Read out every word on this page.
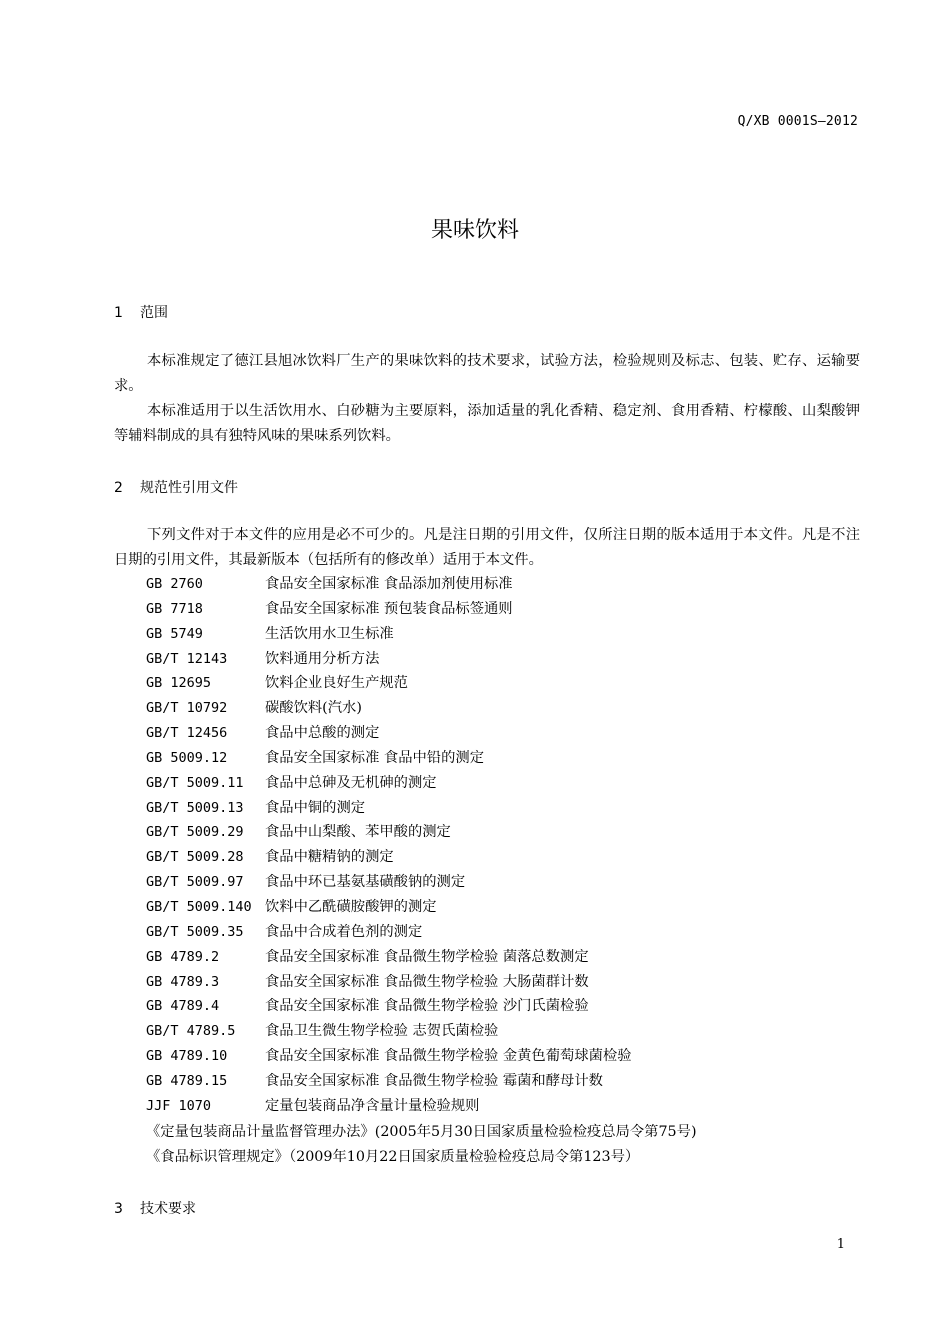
Q/XB 0001S—2012
果味饮料
1 范围

本标准规定了德江县旭冰饮料厂生产的果味饮料的技术要求，试验方法，检验规则及标志、包装、贮存、运输要求。

本标准适用于以生活饮用水、白砂糖为主要原料，添加适量的乳化香精、稳定剂、食用香精、柠檬酸、山梨酸钾等辅料制成的具有独特风味的果味系列饮料。

2 规范性引用文件

下列文件对于本文件的应用是必不可少的。凡是注日期的引用文件，仅所注日期的版本适用于本文件。凡是不注日期的引用文件，其最新版本（包括所有的修改单）适用于本文件。

GB 2760	食品安全国家标准 食品添加剂使用标准
GB 7718	食品安全国家标准 预包装食品标签通则
GB 5749	生活饮用水卫生标准
GB/T 12143	饮料通用分析方法
GB 12695	饮料企业良好生产规范
GB/T 10792	碳酸饮料(汽水)
GB/T 12456	食品中总酸的测定
GB 5009.12	食品安全国家标准 食品中铅的测定
GB/T 5009.11 食品中总砷及无机砷的测定
GB/T 5009.13 食品中铜的测定
GB/T 5009.29 食品中山梨酸、苯甲酸的测定
GB/T 5009.28 食品中糖精钠的测定
GB/T 5009.97 食品中环已基氨基磺酸钠的测定
GB/T 5009.140 饮料中乙酰磺胺酸钾的测定
GB/T 5009.35 食品中合成着色剂的测定
GB 4789.2	食品安全国家标准 食品微生物学检验 菌落总数测定
GB 4789.3	食品安全国家标准 食品微生物学检验 大肠菌群计数
GB 4789.4	食品安全国家标准 食品微生物学检验 沙门氏菌检验
GB/T 4789.5 食品卫生微生物学检验 志贺氏菌检验
GB 4789.10	食品安全国家标准 食品微生物学检验 金黄色葡萄球菌检验
GB 4789.15	食品安全国家标准 食品微生物学检验 霉菌和酵母计数
JJF 1070	定量包装商品净含量计量检验规则
《定量包装商品计量监督管理办法》(2005年5月30日国家质量检验检疫总局令第75号)
《食品标识管理规定》（2009年10月22日国家质量检验检疫总局令第123号）
3 技术要求
1
